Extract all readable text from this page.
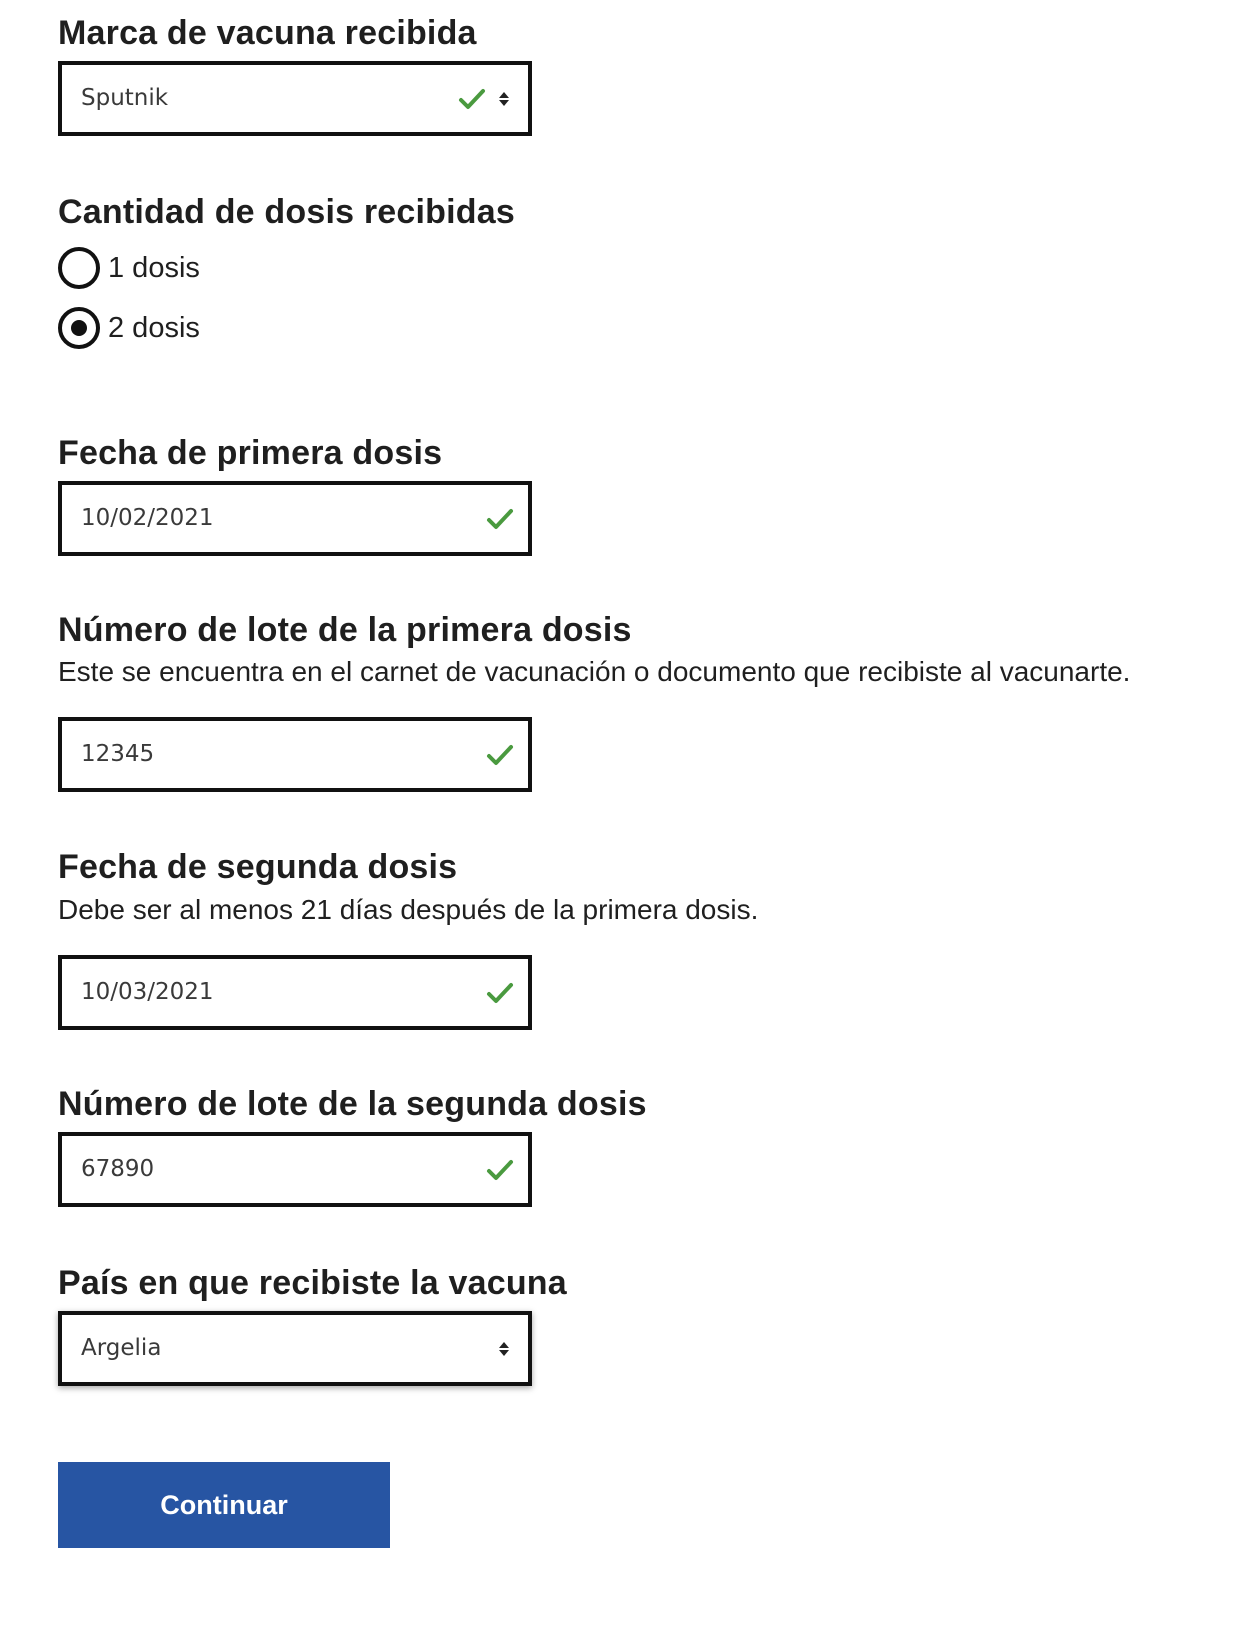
Marca de vacuna recibida
Sputnik
Cantidad de dosis recibidas
1 dosis
2 dosis
Fecha de primera dosis
10/02/2021
Número de lote de la primera dosis
Este se encuentra en el carnet de vacunación o documento que recibiste al vacunarte.
12345
Fecha de segunda dosis
Debe ser al menos 21 días después de la primera dosis.
10/03/2021
Número de lote de la segunda dosis
67890
País en que recibiste la vacuna
Argelia
Continuar
